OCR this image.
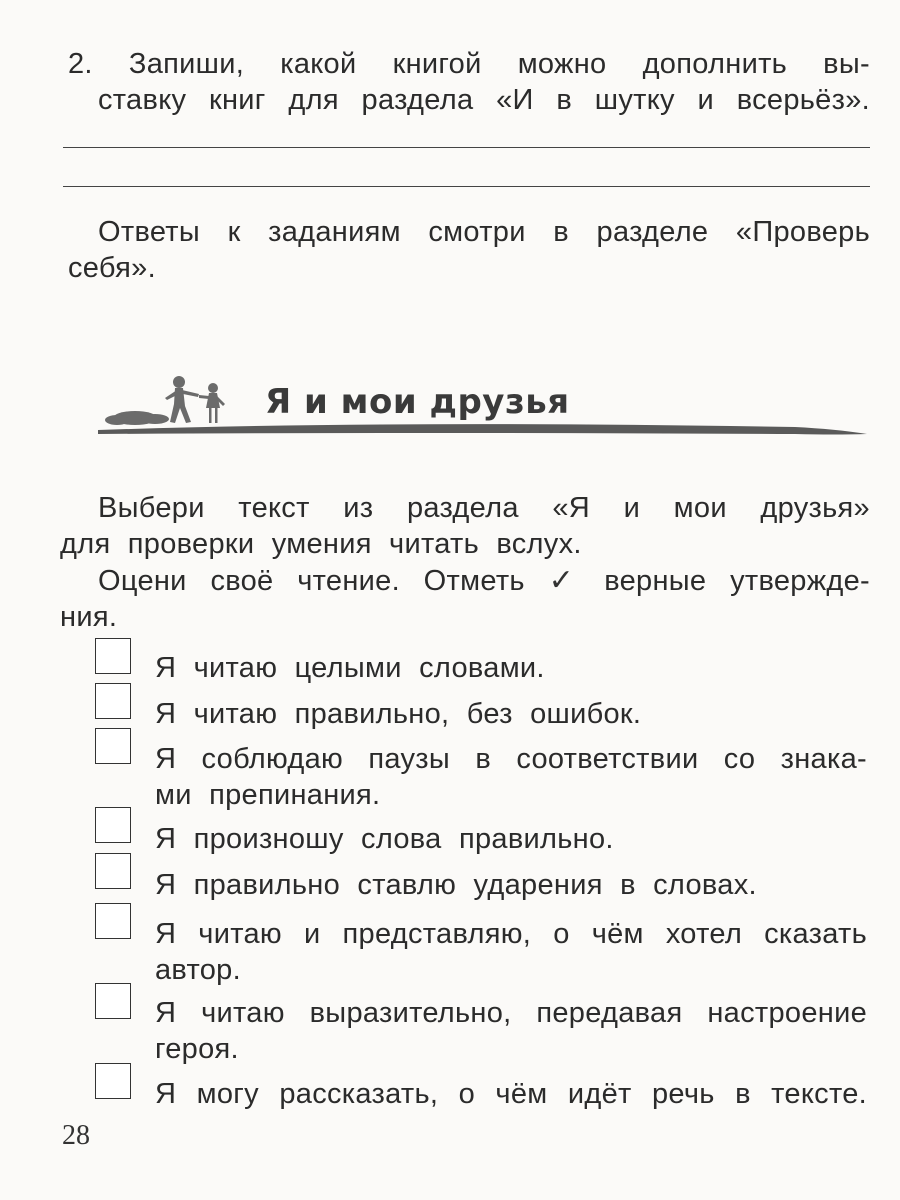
2. Запиши, какой книгой можно дополнить вы-
ставку книг для раздела «И в шутку и всерьёз».
Ответы к заданиям смотри в разделе «Проверь
себя».
Я и мои друзья
Выбери текст из раздела «Я и мои друзья»
для проверки умения читать вслух.
Оцени своё чтение. Отметь ✓ верные утвержде-
ния.
Я читаю целыми словами.
Я читаю правильно, без ошибок.
Я соблюдаю паузы в соответствии со знака-
ми препинания.
Я произношу слова правильно.
Я правильно ставлю ударения в словах.
Я читаю и представляю, о чём хотел сказать
автор.
Я читаю выразительно, передавая настроение
героя.
Я могу рассказать, о чём идёт речь в тексте.
28
